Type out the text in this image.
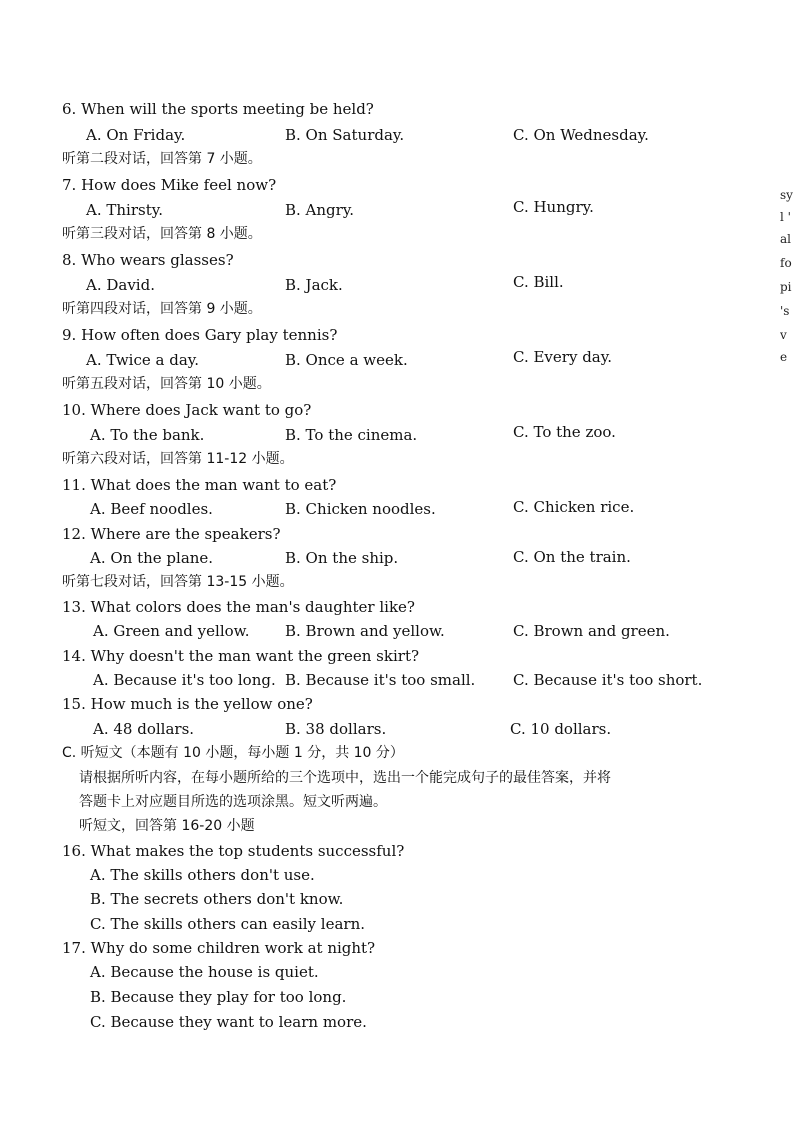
6. When will the sports meeting be held?
A. On Friday.	B. On Saturday.	C. On Wednesday.
听第二段对话，回答第 7 小题。
7. How does Mike feel now?
A. Thirsty.	B. Angry.	C. Hungry.
听第三段对话，回答第 8 小题。
8. Who wears glasses?
A. David.	B. Jack.	C. Bill.
听第四段对话，回答第 9 小题。
9. How often does Gary play tennis?
A. Twice a day.	B. Once a week.	C. Every day.
听第五段对话，回答第 10 小题。
10. Where does Jack want to go?
A. To the bank.	B. To the cinema.	C. To the zoo.
听第六段对话，回答第 11-12 小题。
11. What does the man want to eat?
A. Beef noodles.	B. Chicken noodles.	C. Chicken rice.
12. Where are the speakers?
A. On the plane.	B. On the ship.	C. On the train.
听第七段对话，回答第 13-15 小题。
13. What colors does the man's daughter like?
A. Green and yellow. B. Brown and yellow.	C. Brown and green.
14. Why doesn't the man want the green skirt?
A. Because it's too long. B. Because it's too small.	C. Because it's too short.
15. How much is the yellow one?
A. 48 dollars.	B. 38 dollars.	C. 10 dollars.
C. 听短文（本题有 10 小题，每小题 1 分，共 10 分）
请根据所听内容，在每小题所给的三个选项中，选出一个能完成句子的最佳答案，并将
答题卡上对应题目所选的选项涂黑。短文听两遍。
听短文，回答第 16-20 小题
16. What makes the top students successful?
A. The skills others don't use.
B. The secrets others don't know.
C. The skills others can easily learn.
17. Why do some children work at night?
A. Because the house is quiet.
B. Because they play for too long.
C. Because they want to learn more.
sy
l '
al
fo
pi
's
v
e
